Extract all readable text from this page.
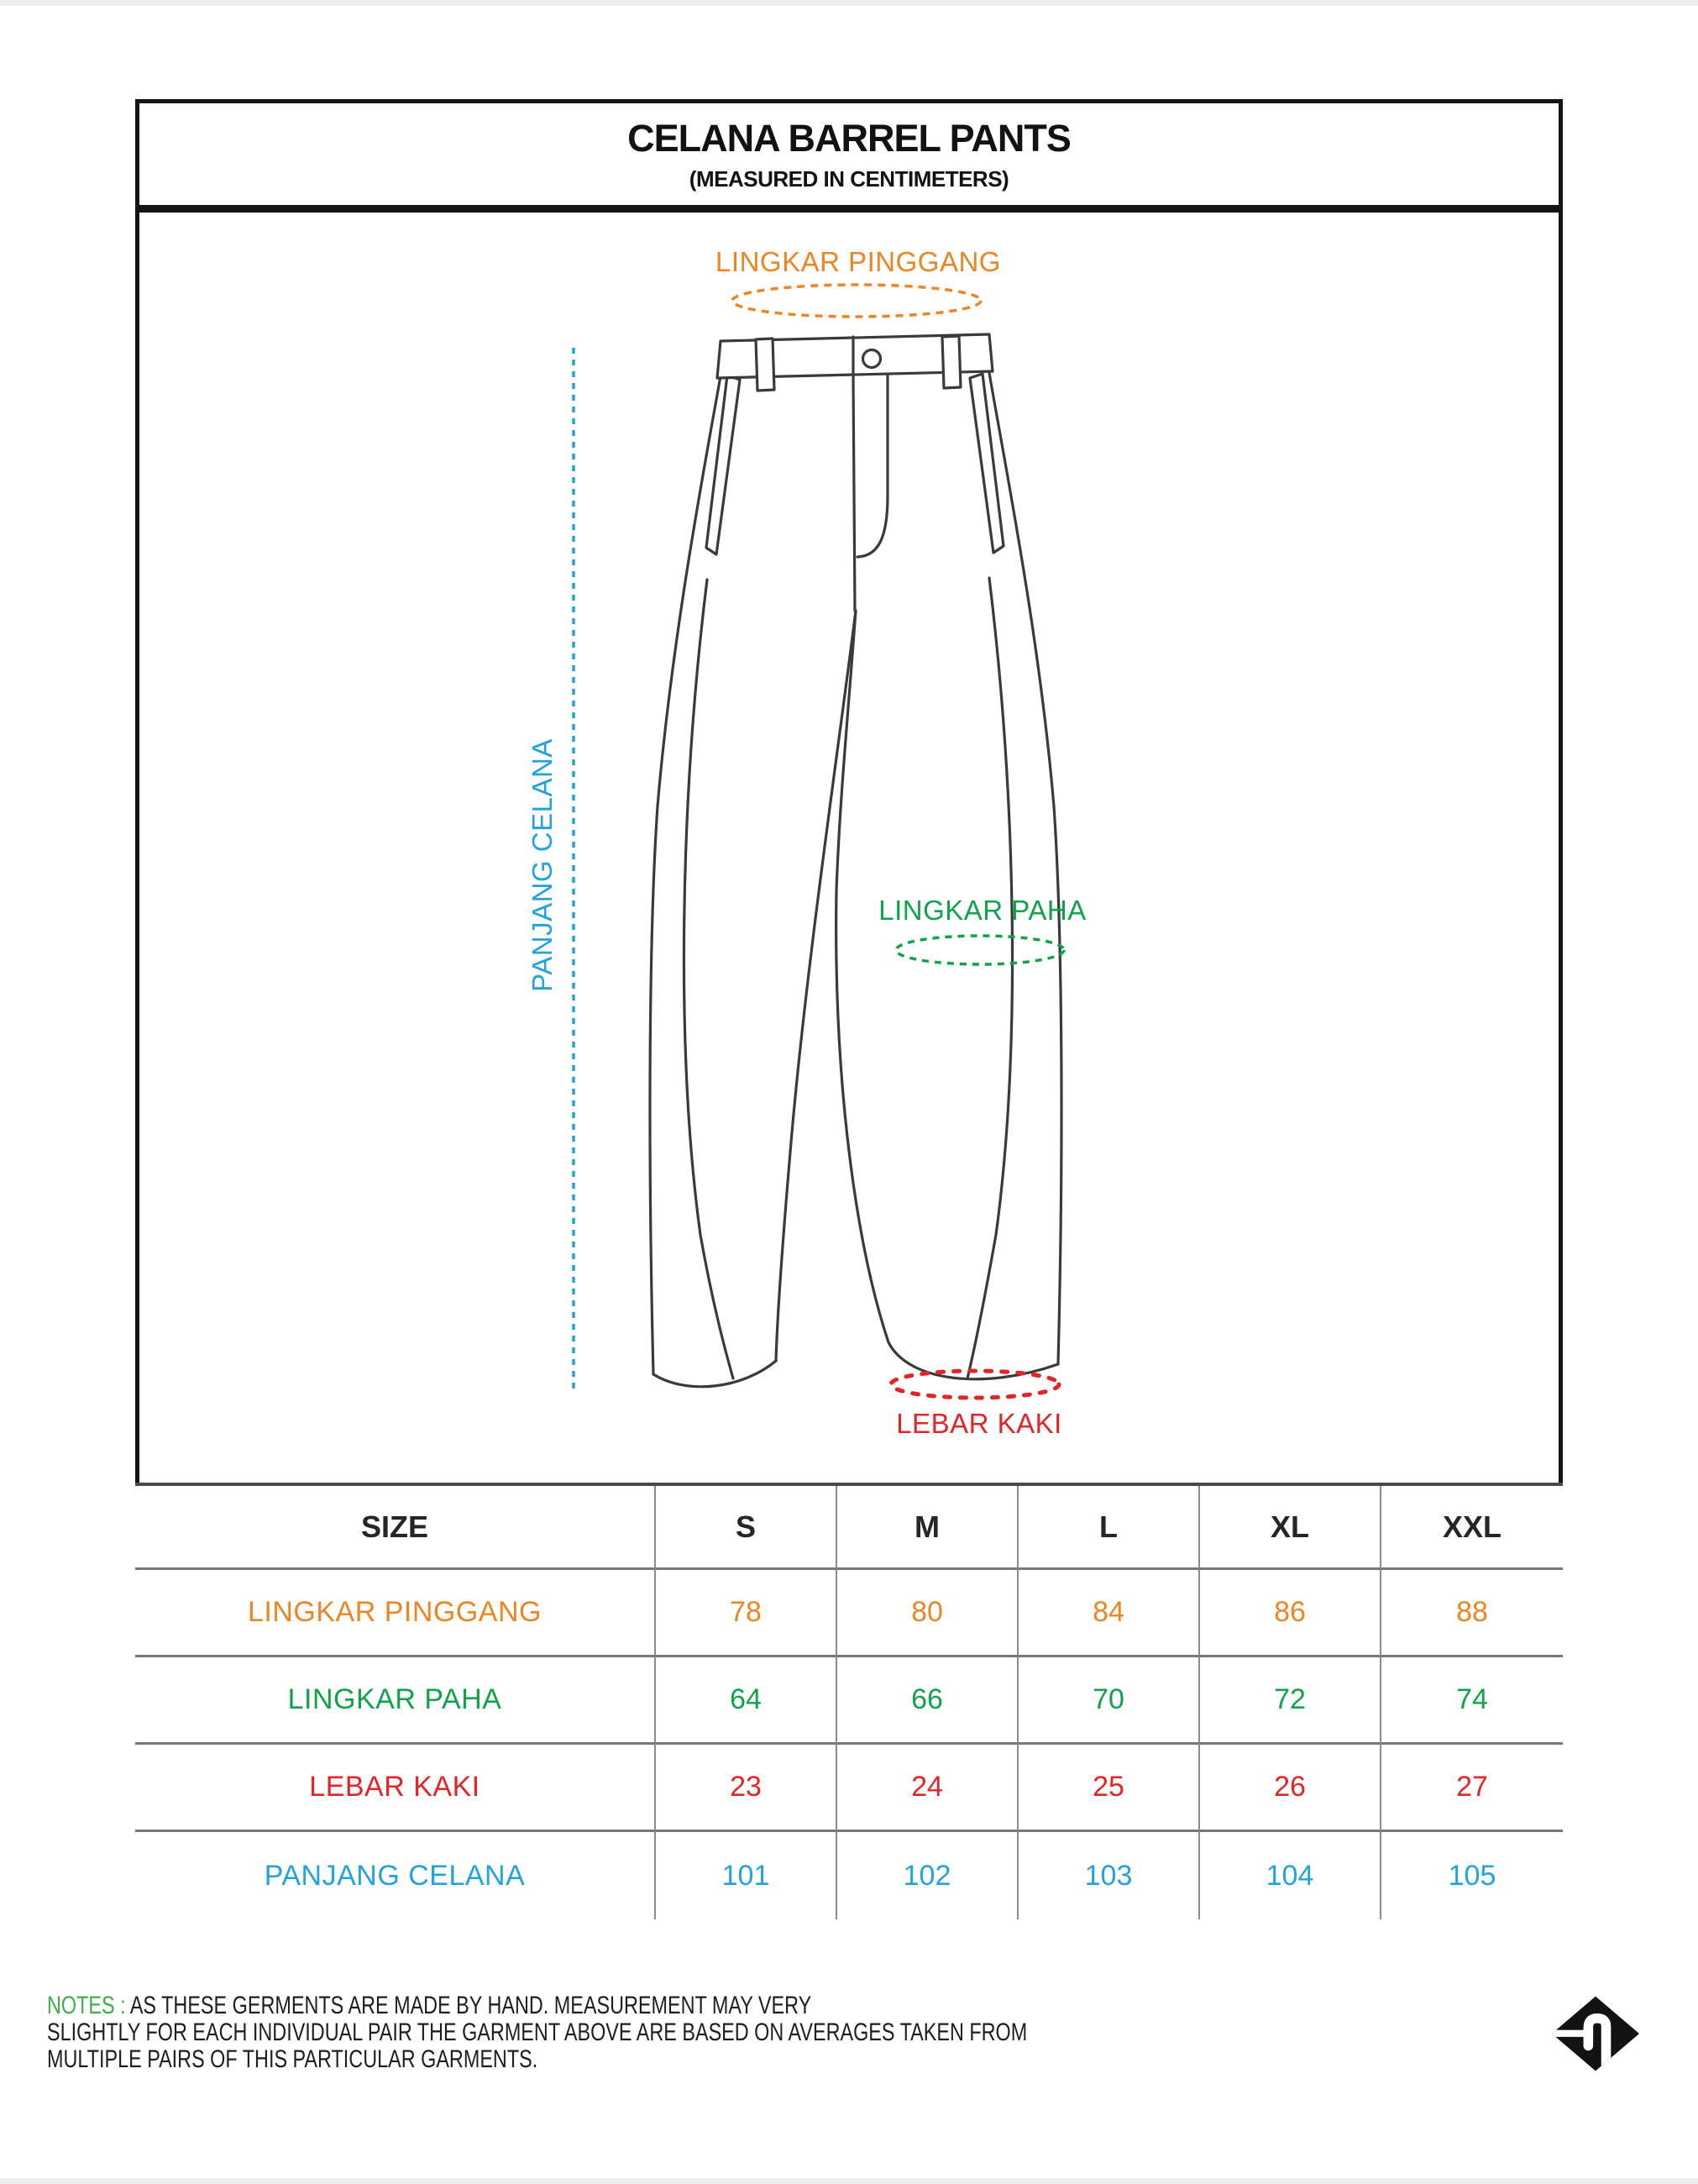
CELANA BARREL PANTS
(MEASURED IN CENTIMETERS)
LINGKAR PINGGANG
PANJANG CELANA	LINGKAR PAHA
LEBAR KAKI
SIZE	S	M	L	XL	XXL
LINGKAR PINGGANG	78	80	84	86	88
LINGKAR PAHA	64	66	70	72	74
LEBAR KAKI	23	24	25	26	27
PANJANG CELANA	101	102	103	104	105
NOTES : AS THESE GERMENTS ARE MADE BY HAND. MEASUREMENT MAY VERY
SLIGHTLY FOR EACH INDIVIDUAL PAIR THE GARMENT ABOVE ARE BASED ON AVERAGES TAKEN FROM
MULTIPLE PAIRS OF THIS PARTICULAR GARMENTS.
